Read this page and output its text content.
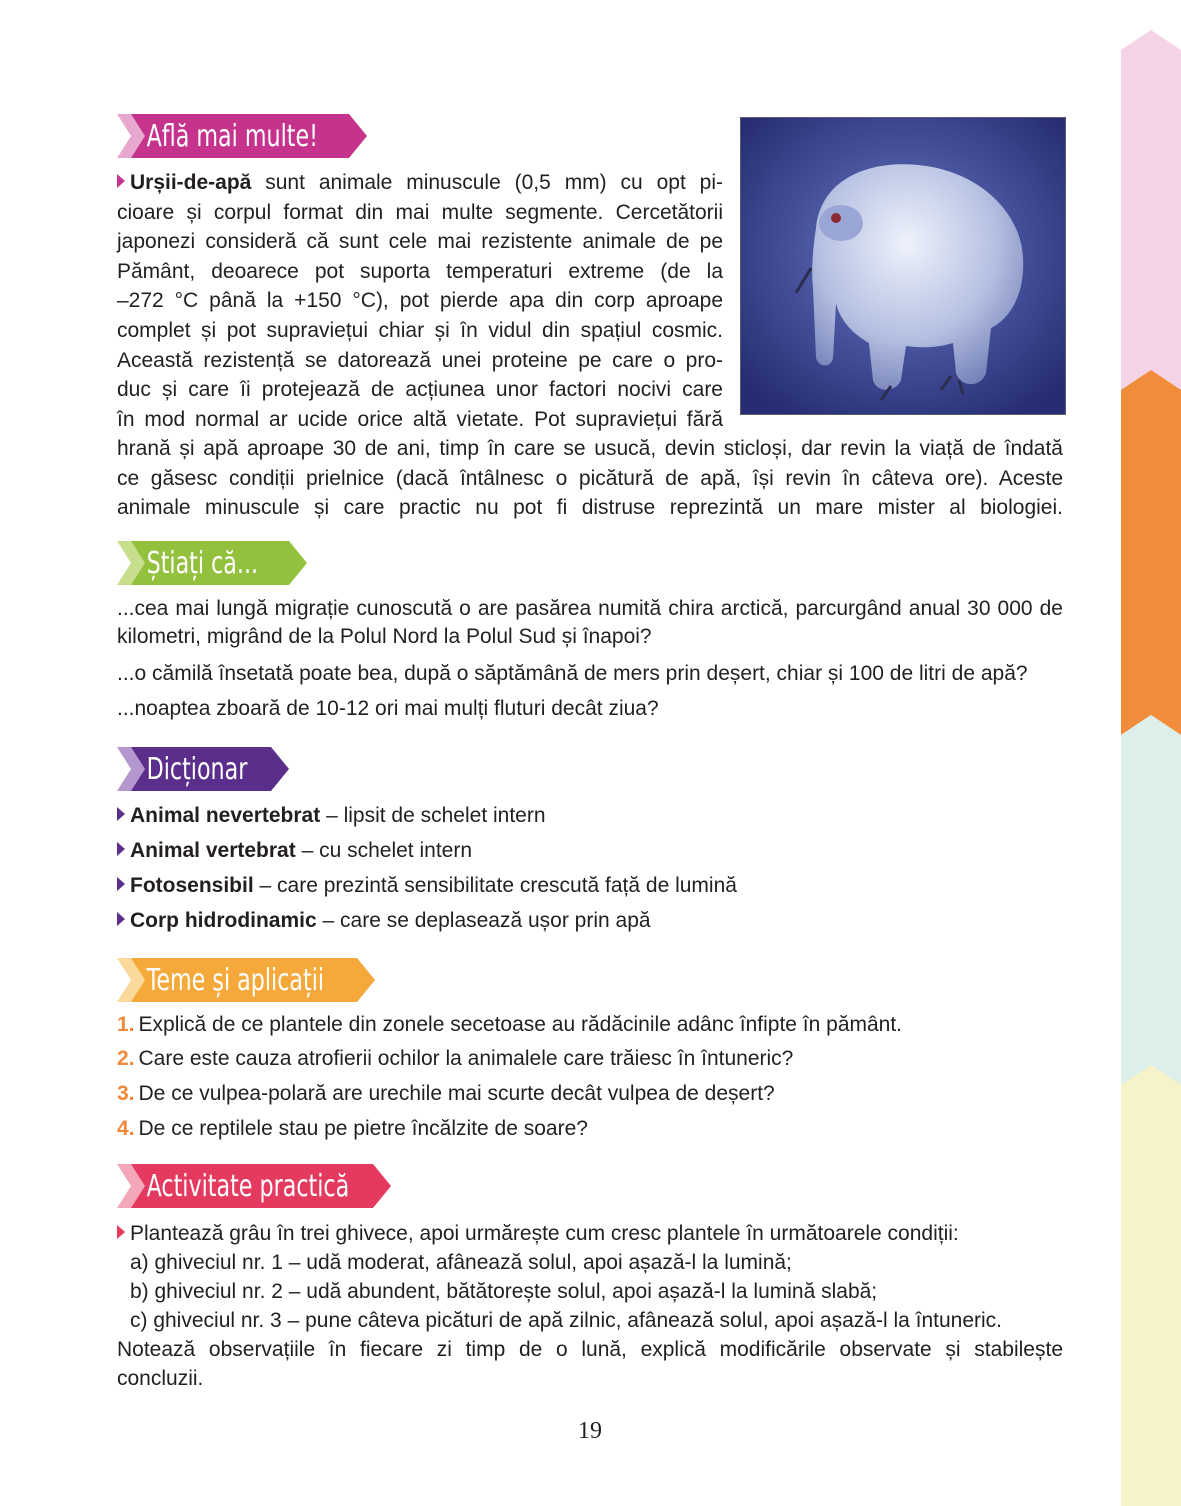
Află mai multe!
Urșii-de-apă sunt animale minuscule (0,5 mm) cu opt pi-
cioare și corpul format din mai multe segmente. Cercetătorii
japonezi consideră că sunt cele mai rezistente animale de pe
Pământ, deoarece pot suporta temperaturi extreme (de la
–272 °C până la +150 °C), pot pierde apa din corp aproape
complet și pot supraviețui chiar și în vidul din spațiul cosmic.
Această rezistență se datorează unei proteine pe care o pro-
duc și care îi protejează de acțiunea unor factori nocivi care
în mod normal ar ucide orice altă vietate. Pot supraviețui fără
hrană și apă aproape 30 de ani, timp în care se usucă, devin sticloși, dar revin la viață de îndată
ce găsesc condiții prielnice (dacă întâlnesc o picătură de apă, își revin în câteva ore). Aceste
animale minuscule și care practic nu pot fi distruse reprezintă un mare mister al biologiei.
Știați că...
...cea mai lungă migrație cunoscută o are pasărea numită chira arctică, parcurgând anual 30 000 de
kilometri, migrând de la Polul Nord la Polul Sud și înapoi?
...o cămilă însetată poate bea, după o săptămână de mers prin deșert, chiar și 100 de litri de apă?
...noaptea zboară de 10-12 ori mai mulți fluturi decât ziua?
Dicționar
Animal nevertebrat – lipsit de schelet intern
Animal vertebrat – cu schelet intern
Fotosensibil – care prezintă sensibilitate crescută față de lumină
Corp hidrodinamic – care se deplasează ușor prin apă
Teme și aplicații
1. Explică de ce plantele din zonele secetoase au rădăcinile adânc înfipte în pământ.
2. Care este cauza atrofierii ochilor la animalele care trăiesc în întuneric?
3. De ce vulpea-polară are urechile mai scurte decât vulpea de deșert?
4. De ce reptilele stau pe pietre încălzite de soare?
Activitate practică
Plantează grâu în trei ghivece, apoi urmărește cum cresc plantele în următoarele condiții:
a) ghiveciul nr. 1 – udă moderat, afânează solul, apoi așază-l la lumină;
b) ghiveciul nr. 2 – udă abundent, bătătorește solul, apoi așază-l la lumină slabă;
c) ghiveciul nr. 3 – pune câteva picături de apă zilnic, afânează solul, apoi așază-l la întuneric.
Notează observațiile în fiecare zi timp de o lună, explică modificările observate și stabilește
concluzii.
19
